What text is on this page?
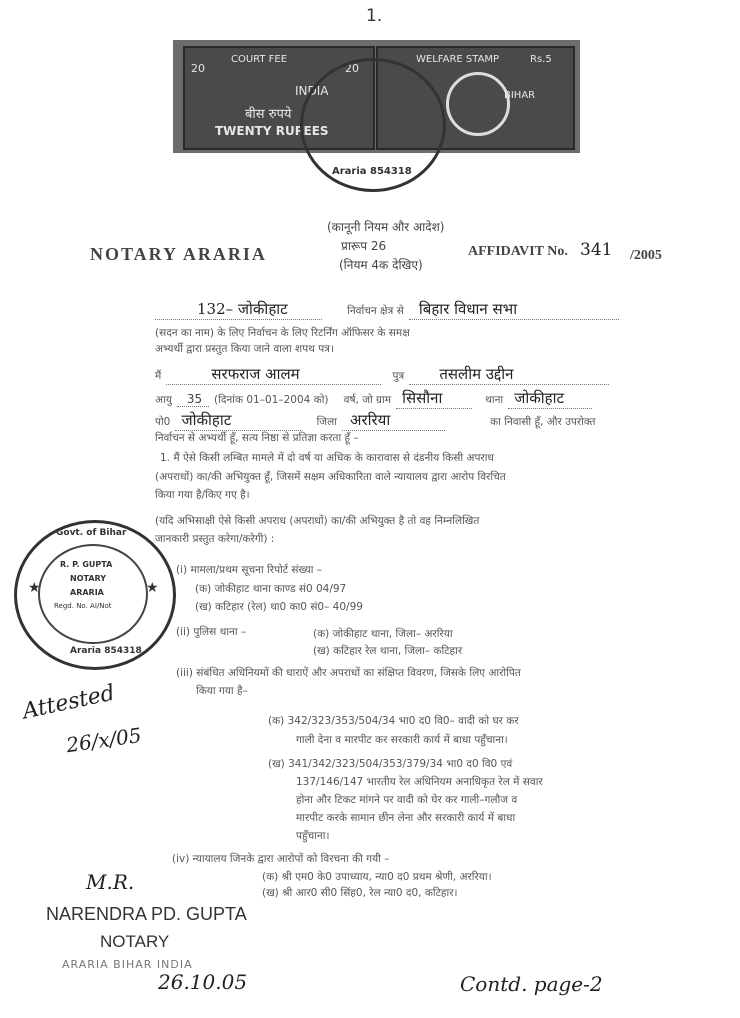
1.
COURT FEE
20	20
INDIA
बीस रुपये
TWENTY RUPEES
WELFARE STAMP	Rs.5
BIHAR
Araria 854318
(कानूनी नियम और आदेश)
प्रारूप 26
(नियम 4क देखिए)
NOTARY ARARIA	AFFIDAVIT No. 341 /2005
132– जोकीहाट	निर्वाचन क्षेत्र से बिहार विधान सभा
(सदन का नाम) के लिए निर्वाचन के लिए रिटर्निंग ऑफिसर के समक्ष
अभ्यर्थी द्वारा प्रस्तुत किया जाने वाला शपथ पत्र।
मैं	सरफराज आलम	पुत्र तसलीम उद्दीन
आयु 35 (दिनांक 01–01–2004 को) वर्ष, जो ग्राम सिसौना	थाना जोकीहाट
पो0 जोकीहाट	जिला अररिया	का निवासी हूँ, और उपरोक्त
निर्वाचन से अभ्यर्थी हूँ, सत्य निष्ठा से प्रतिज्ञा करता हूँ –
1. मैं ऐसे किसी लम्बित मामले में दो वर्ष या अधिक के कारावास से दंडनीय किसी अपराध
(अपराधों) का/की अभियुक्त हूँ, जिसमें सक्षम अधिकारिता वाले न्यायालय द्वारा आरोप विरचित
किया गया है/किए गए है।
(यदि अभिसाक्षी ऐसे किसी अपराध (अपराधों) का/की अभियुक्त है तो वह निम्नलिखित
जानकारी प्रस्तुत करेगा/करेगी) :
(i) मामला/प्रथम सूचना रिपोर्ट संख्या –
(क) जोकीहाट थाना काण्ड सं0 04/97
(ख) कटिहार (रेल) था0 का0 सं0– 40/99
(ii) पुलिस थाना –	(क) जोकीहाट थाना, जिला– अररिया
(ख) कटिहार रेल थाना, जिला– कटिहार
(iii) संबंधित अधिनियमों की धाराऐं और अपराधों का संक्षिप्त विवरण, जिसके लिए आरोपित
किया गया है–
(क) 342/323/353/504/34 भा0 द0 वि0– वादी को घर कर
गाली देना व मारपीट कर सरकारी कार्य में बाधा पहुँचाना।
(ख) 341/342/323/504/353/379/34 भा0 द0 वि0 एवं
137/146/147 भारतीय रेल अधिनियम अनाधिकृत रेल में सवार
होना और टिकट मांगने पर वादी को घेर कर गाली–गलौज व
मारपीट करके सामान छीन लेना और सरकारी कार्य में बाधा
पहुँचाना।
(iv) न्यायालय जिनके द्वारा आरोपों को विरचना की गयी –
(क) श्री एम0 के0 उपाध्याय, न्या0 द0 प्रथम श्रेणी, अररिया।
(ख) श्री आर0 सी0 सिंह0, रेल न्या0 द0, कटिहार।
Govt. of Bihar
R. P. GUPTA
NOTARY
ARARIA
Regd. No. AI/Not
Araria 854318
★	★
Attested
26/x/05
M.R.
NARENDRA PD. GUPTA
NOTARY
ARARIA BIHAR INDIA
26.10.05	Contd. page-2
